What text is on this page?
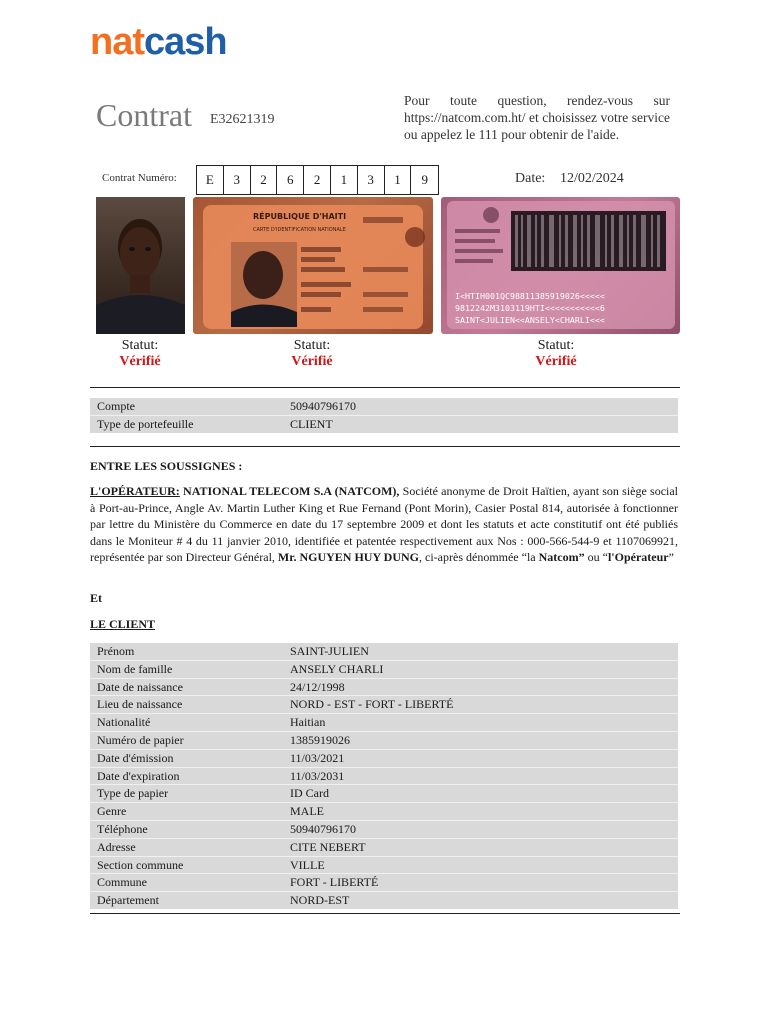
natcash
Contrat E32621319
Pour toute question, rendez-vous sur https://natcom.com.ht/ et choisissez votre service ou appelez le 111 pour obtenir de l'aide.
Contrat Numéro:	E	3	2	6	2	1	3	1	9	Date: 12/02/2024
RÉPUBLIQUE D'HAITI
CARTE D'IDENTIFICATION NATIONALE
I<HTIH001QC98811385919026<<<<<
9812242M3103119HTI<<<<<<<<<<<6
SAINT<JULIEN<<ANSELY<CHARLI<<<
Statut:
Vérifié
Statut:
Vérifié
Statut:
Vérifié
Compte	50940796170
Type de portefeuille	CLIENT
ENTRE LES SOUSSIGNES :
L'OPÉRATEUR: NATIONAL TELECOM S.A (NATCOM), Société anonyme de Droit Haïtien, ayant son siège social à Port-au-Prince, Angle Av. Martin Luther King et Rue Fernand (Pont Morin), Casier Postal 814, autorisée à fonctionner par lettre du Ministère du Commerce en date du 17 septembre 2009 et dont les statuts et acte constitutif ont été publiés dans le Moniteur # 4 du 11 janvier 2010, identifiée et patentée respectivement aux Nos : 000-566-544-9 et 1107069921, représentée par son Directeur Général, Mr. NGUYEN HUY DUNG, ci-après dénommée “la Natcom” ou “l'Opérateur”
Et
LE CLIENT
Prénom	SAINT-JULIEN
Nom de famille	ANSELY CHARLI
Date de naissance	24/12/1998
Lieu de naissance	NORD - EST - FORT - LIBERTÉ
Nationalité	Haitian
Numéro de papier	1385919026
Date d'émission	11/03/2021
Date d'expiration	11/03/2031
Type de papier	ID Card
Genre	MALE
Téléphone	50940796170
Adresse	CITE NEBERT
Section commune	VILLE
Commune	FORT - LIBERTÉ
Département	NORD-EST
